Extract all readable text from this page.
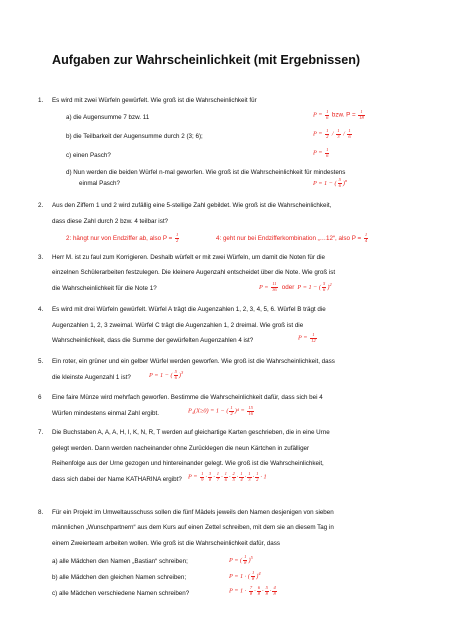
Aufgaben zur Wahrscheinlichkeit (mit Ergebnissen)
1. Es wird mit zwei Würfeln gewürfelt. Wie groß ist die Wahrscheinlichkeit für
a) die Augensumme 7 bzw. 11	$P = \frac{1}{6}$ bzw. $P = \frac{1}{18}$
b) die Teilbarkeit der Augensumme durch 2 (3; 6);	$P = \frac{1}{2} / \frac{1}{3} / \frac{1}{6}$
c) einen Pasch?	$P = \frac{1}{6}$
d) Nun werden die beiden Würfel n-mal geworfen. Wie groß ist die Wahrscheinlichkeit für mindestens
einmal Pasch?	P = 1 − ( $\frac{5}{6} )^n$
2. Aus den Ziffern 1 und 2 wird zufällig eine 5-stellige Zahl gebildet. Wie groß ist die Wahrscheinlichkeit,
dass diese Zahl durch 2 bzw. 4 teilbar ist?
2: hängt nur von Endziffer ab, also $P = \frac{1}{2}$	4: geht nur bei Endzifferkombination „…12“, also $P = \frac{1}{4}$
3. Herr M. ist zu faul zum Korrigieren. Deshalb würfelt er mit zwei Würfeln, um damit die Noten für die
einzelnen Schülerarbeiten festzulegen. Die kleinere Augenzahl entscheidet über die Note. Wie groß ist
die Wahrscheinlichkeit für die Note 1?	$P = \frac{11}{36}$ oder P = 1 − ( $\frac{5}{6} )^2$
4. Es wird mit drei Würfeln gewürfelt. Würfel A trägt die Augenzahlen 1, 2, 3, 4, 5, 6. Würfel B trägt die
Augenzahlen 1, 2, 3 zweimal. Würfel C trägt die Augenzahlen 1, 2 dreimal. Wie groß ist die
Wahrscheinlichkeit, dass die Summe der gewürfelten Augenzahlen 4 ist?	$P = \frac{1}{12}$
5. Ein roter, ein grüner und ein gelber Würfel werden geworfen. Wie groß ist die Wahrscheinlichkeit, dass
die kleinste Augenzahl 1 ist?	P = 1 − ( $\frac{5}{6} )^3$
6 Eine faire Münze wird mehrfach geworfen. Bestimme die Wahrscheinlichkeit dafür, dass sich bei 4
Würfen mindestens einmal Zahl ergibt.	P₄(X≥0) = 1 − ( $\frac{1}{2} )^4 = \frac{15}{16}$
7. Die Buchstaben A, A, A, H, I, K, N, R, T werden auf gleichartige Karten geschrieben, die in eine Urne
gelegt werden. Dann werden nacheinander ohne Zurücklegen die neun Kärtchen in zufälliger
Reihenfolge aus der Urne gezogen und hintereinander gelegt. Wie groß ist die Wahrscheinlichkeit,
dass sich dabei der Name KATHARINA ergibt? $P = \frac{1}{9} \cdot \frac{3}{8} \cdot \frac{1}{7} \cdot \frac{1}{6} \cdot \frac{2}{5} \cdot \frac{1}{4} \cdot \frac{1}{3} \cdot \frac{1}{2} \cdot 1$
8. Für ein Projekt im Umweltausschuss sollen die fünf Mädels jeweils den Namen desjenigen von sieben
männlichen „Wunschpartnern“ aus dem Kurs auf einen Zettel schreiben, mit dem sie an diesem Tag in
einem Zweierteam arbeiten wollen. Wie groß ist die Wahrscheinlichkeit dafür, dass
a) alle Mädchen den Namen „Bastian“ schreiben;	P = ( $\frac{1}{8} )^5$
b) alle Mädchen den gleichen Namen schreiben;	P = 1 · ( $\frac{1}{8} )^4$
c) alle Mädchen verschiedene Namen schreiben?	$P = 1 \cdot \frac{7}{8} \cdot \frac{6}{8} \cdot \frac{5}{8} \cdot \frac{4}{8}$
